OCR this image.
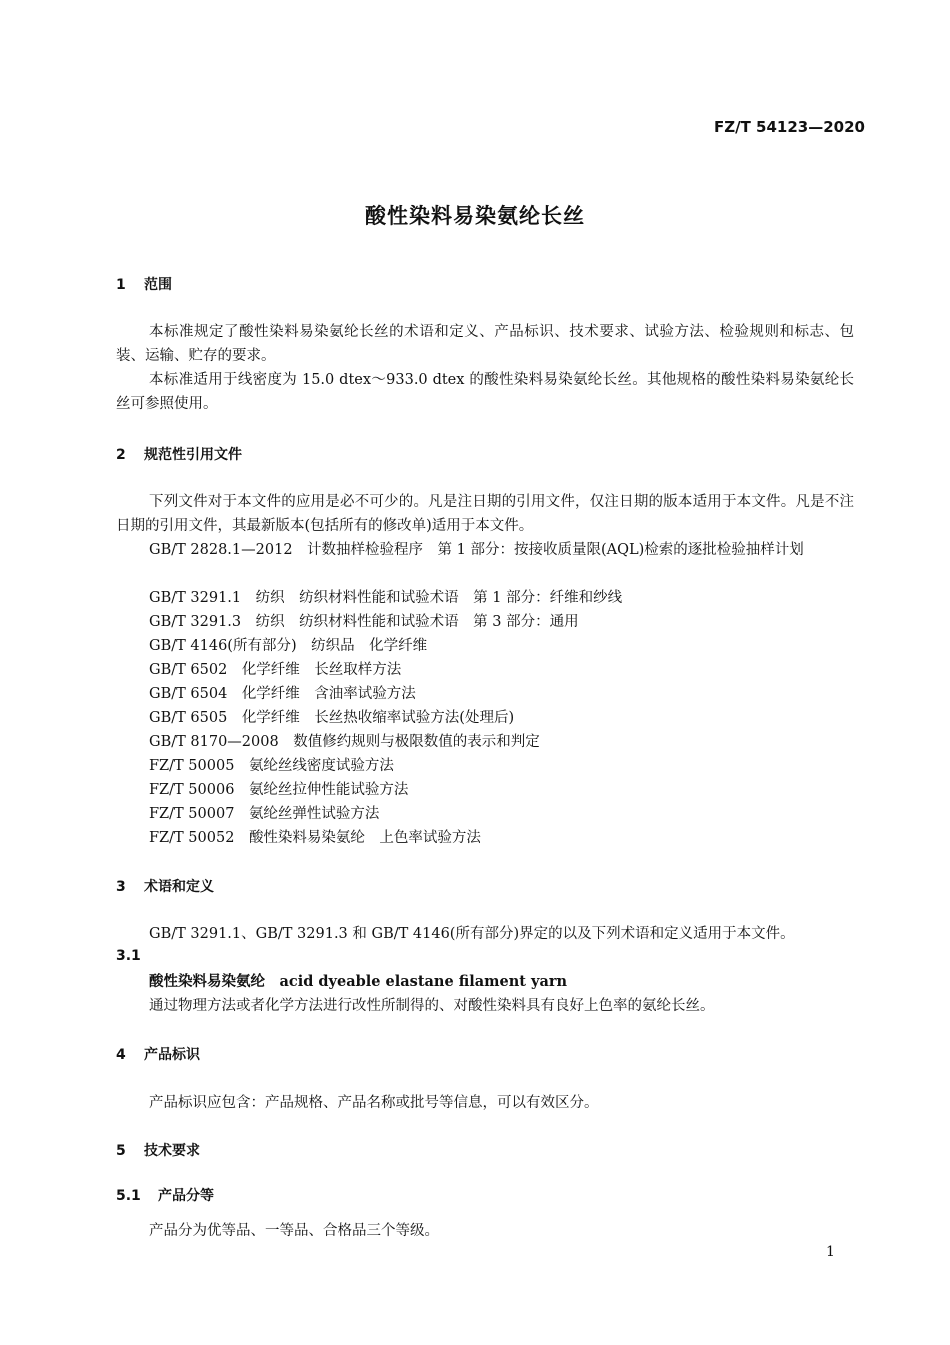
FZ/T 54123—2020
酸性染料易染氨纶长丝
1 范围
本标准规定了酸性染料易染氨纶长丝的术语和定义、产品标识、技术要求、试验方法、检验规则和标志、包装、运输、贮存的要求。
本标准适用于线密度为 15.0 dtex～933.0 dtex 的酸性染料易染氨纶长丝。其他规格的酸性染料易染氨纶长丝可参照使用。
2 规范性引用文件
下列文件对于本文件的应用是必不可少的。凡是注日期的引用文件，仅注日期的版本适用于本文件。凡是不注日期的引用文件，其最新版本(包括所有的修改单)适用于本文件。
GB/T 2828.1—2012　 计数抽样检验程序　第 1 部分：按接收质量限(AQL)检索的逐批检验抽样计划
GB/T 3291.1　 纺织　纺织材料性能和试验术语　第 1 部分：纤维和纱线
GB/T 3291.3　 纺织　纺织材料性能和试验术语　第 3 部分：通用
GB/T 4146(所有部分)　 纺织品　化学纤维
GB/T 6502　 化学纤维　长丝取样方法
GB/T 6504　 化学纤维　含油率试验方法
GB/T 6505　 化学纤维　长丝热收缩率试验方法(处理后)
GB/T 8170—2008　 数值修约规则与极限数值的表示和判定
FZ/T 50005　 氨纶丝线密度试验方法
FZ/T 50006　 氨纶丝拉伸性能试验方法
FZ/T 50007　 氨纶丝弹性试验方法
FZ/T 50052　 酸性染料易染氨纶　上色率试验方法
3 术语和定义
GB/T 3291.1、GB/T 3291.3 和 GB/T 4146(所有部分)界定的以及下列术语和定义适用于本文件。
3.1
酸性染料易染氨纶　 acid dyeable elastane filament yarn
通过物理方法或者化学方法进行改性所制得的、对酸性染料具有良好上色率的氨纶长丝。
4 产品标识
产品标识应包含：产品规格、产品名称或批号等信息，可以有效区分。
5 技术要求
5.1 产品分等
产品分为优等品、一等品、合格品三个等级。
1
